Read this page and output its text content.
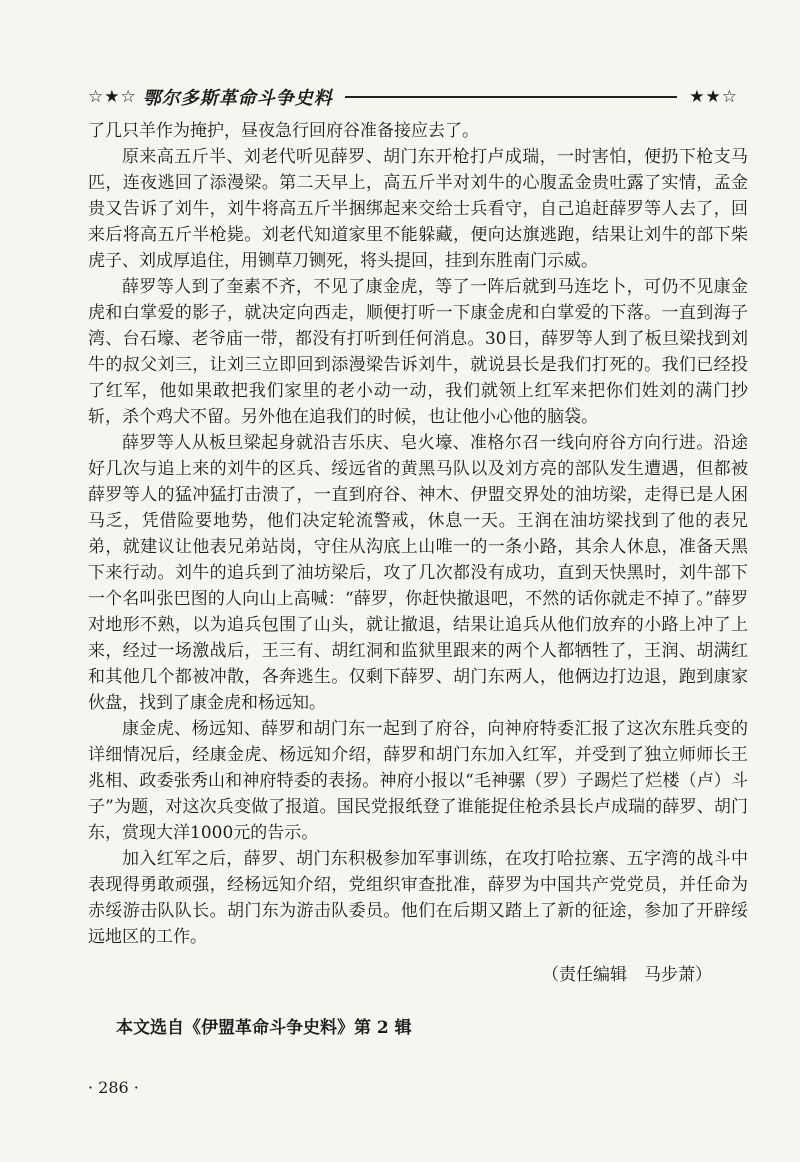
☆★☆ 鄂尔多斯革命斗争史料	★★☆

了几只羊作为掩护，昼夜急行回府谷准备接应去了。

原来高五斤半、刘老代听见薛罗、胡门东开枪打卢成瑞，一时害怕，便扔下枪支马匹，连夜逃回了添漫梁。第二天早上，高五斤半对刘牛的心腹孟金贵吐露了实情，孟金贵又告诉了刘牛，刘牛将高五斤半捆绑起来交给士兵看守，自己追赶薛罗等人去了，回来后将高五斤半枪毙。刘老代知道家里不能躲藏，便向达旗逃跑，结果让刘牛的部下柴虎子、刘成厚追住，用铡草刀铡死，将头提回，挂到东胜南门示威。

薛罗等人到了奎素不齐，不见了康金虎，等了一阵后就到马连圪卜，可仍不见康金虎和白掌爱的影子，就决定向西走，顺便打听一下康金虎和白掌爱的下落。一直到海子湾、台石壕、老爷庙一带，都没有打听到任何消息。30日，薛罗等人到了板旦梁找到刘牛的叔父刘三，让刘三立即回到添漫梁告诉刘牛，就说县长是我们打死的。我们已经投了红军，他如果敢把我们家里的老小动一动，我们就领上红军来把你们姓刘的满门抄斩，杀个鸡犬不留。另外他在追我们的时候，也让他小心他的脑袋。

薛罗等人从板旦梁起身就沿吉乐庆、皂火壕、准格尔召一线向府谷方向行进。沿途好几次与追上来的刘牛的区兵、绥远省的黄黑马队以及刘方亮的部队发生遭遇，但都被薛罗等人的猛冲猛打击溃了，一直到府谷、神木、伊盟交界处的油坊梁，走得已是人困马乏，凭借险要地势，他们决定轮流警戒，休息一天。王润在油坊梁找到了他的表兄弟，就建议让他表兄弟站岗，守住从沟底上山唯一的一条小路，其余人休息，准备天黑下来行动。刘牛的追兵到了油坊梁后，攻了几次都没有成功，直到天快黑时，刘牛部下一个名叫张巴图的人向山上高喊：“薛罗，你赶快撤退吧，不然的话你就走不掉了。”薛罗对地形不熟，以为追兵包围了山头，就让撤退，结果让追兵从他们放弃的小路上冲了上来，经过一场激战后，王三有、胡红洞和监狱里跟来的两个人都牺牲了，王润、胡满红和其他几个都被冲散，各奔逃生。仅剩下薛罗、胡门东两人，他俩边打边退，跑到康家伙盘，找到了康金虎和杨远知。

康金虎、杨远知、薛罗和胡门东一起到了府谷，向神府特委汇报了这次东胜兵变的详细情况后，经康金虎、杨远知介绍，薛罗和胡门东加入红军，并受到了独立师师长王兆相、政委张秀山和神府特委的表扬。神府小报以“毛神骡（罗）子踢烂了烂楼（卢）斗子”为题，对这次兵变做了报道。国民党报纸登了谁能捉住枪杀县长卢成瑞的薛罗、胡门东，赏现大洋1000元的告示。

加入红军之后，薛罗、胡门东积极参加军事训练，在攻打哈拉寨、五字湾的战斗中表现得勇敢顽强，经杨远知介绍，党组织审查批准，薛罗为中国共产党党员，并任命为赤绥游击队队长。胡门东为游击队委员。他们在后期又踏上了新的征途，参加了开辟绥远地区的工作。

（责任编辑　马步萧）
本文选自《伊盟革命斗争史料》第 2 辑
· 286 ·
